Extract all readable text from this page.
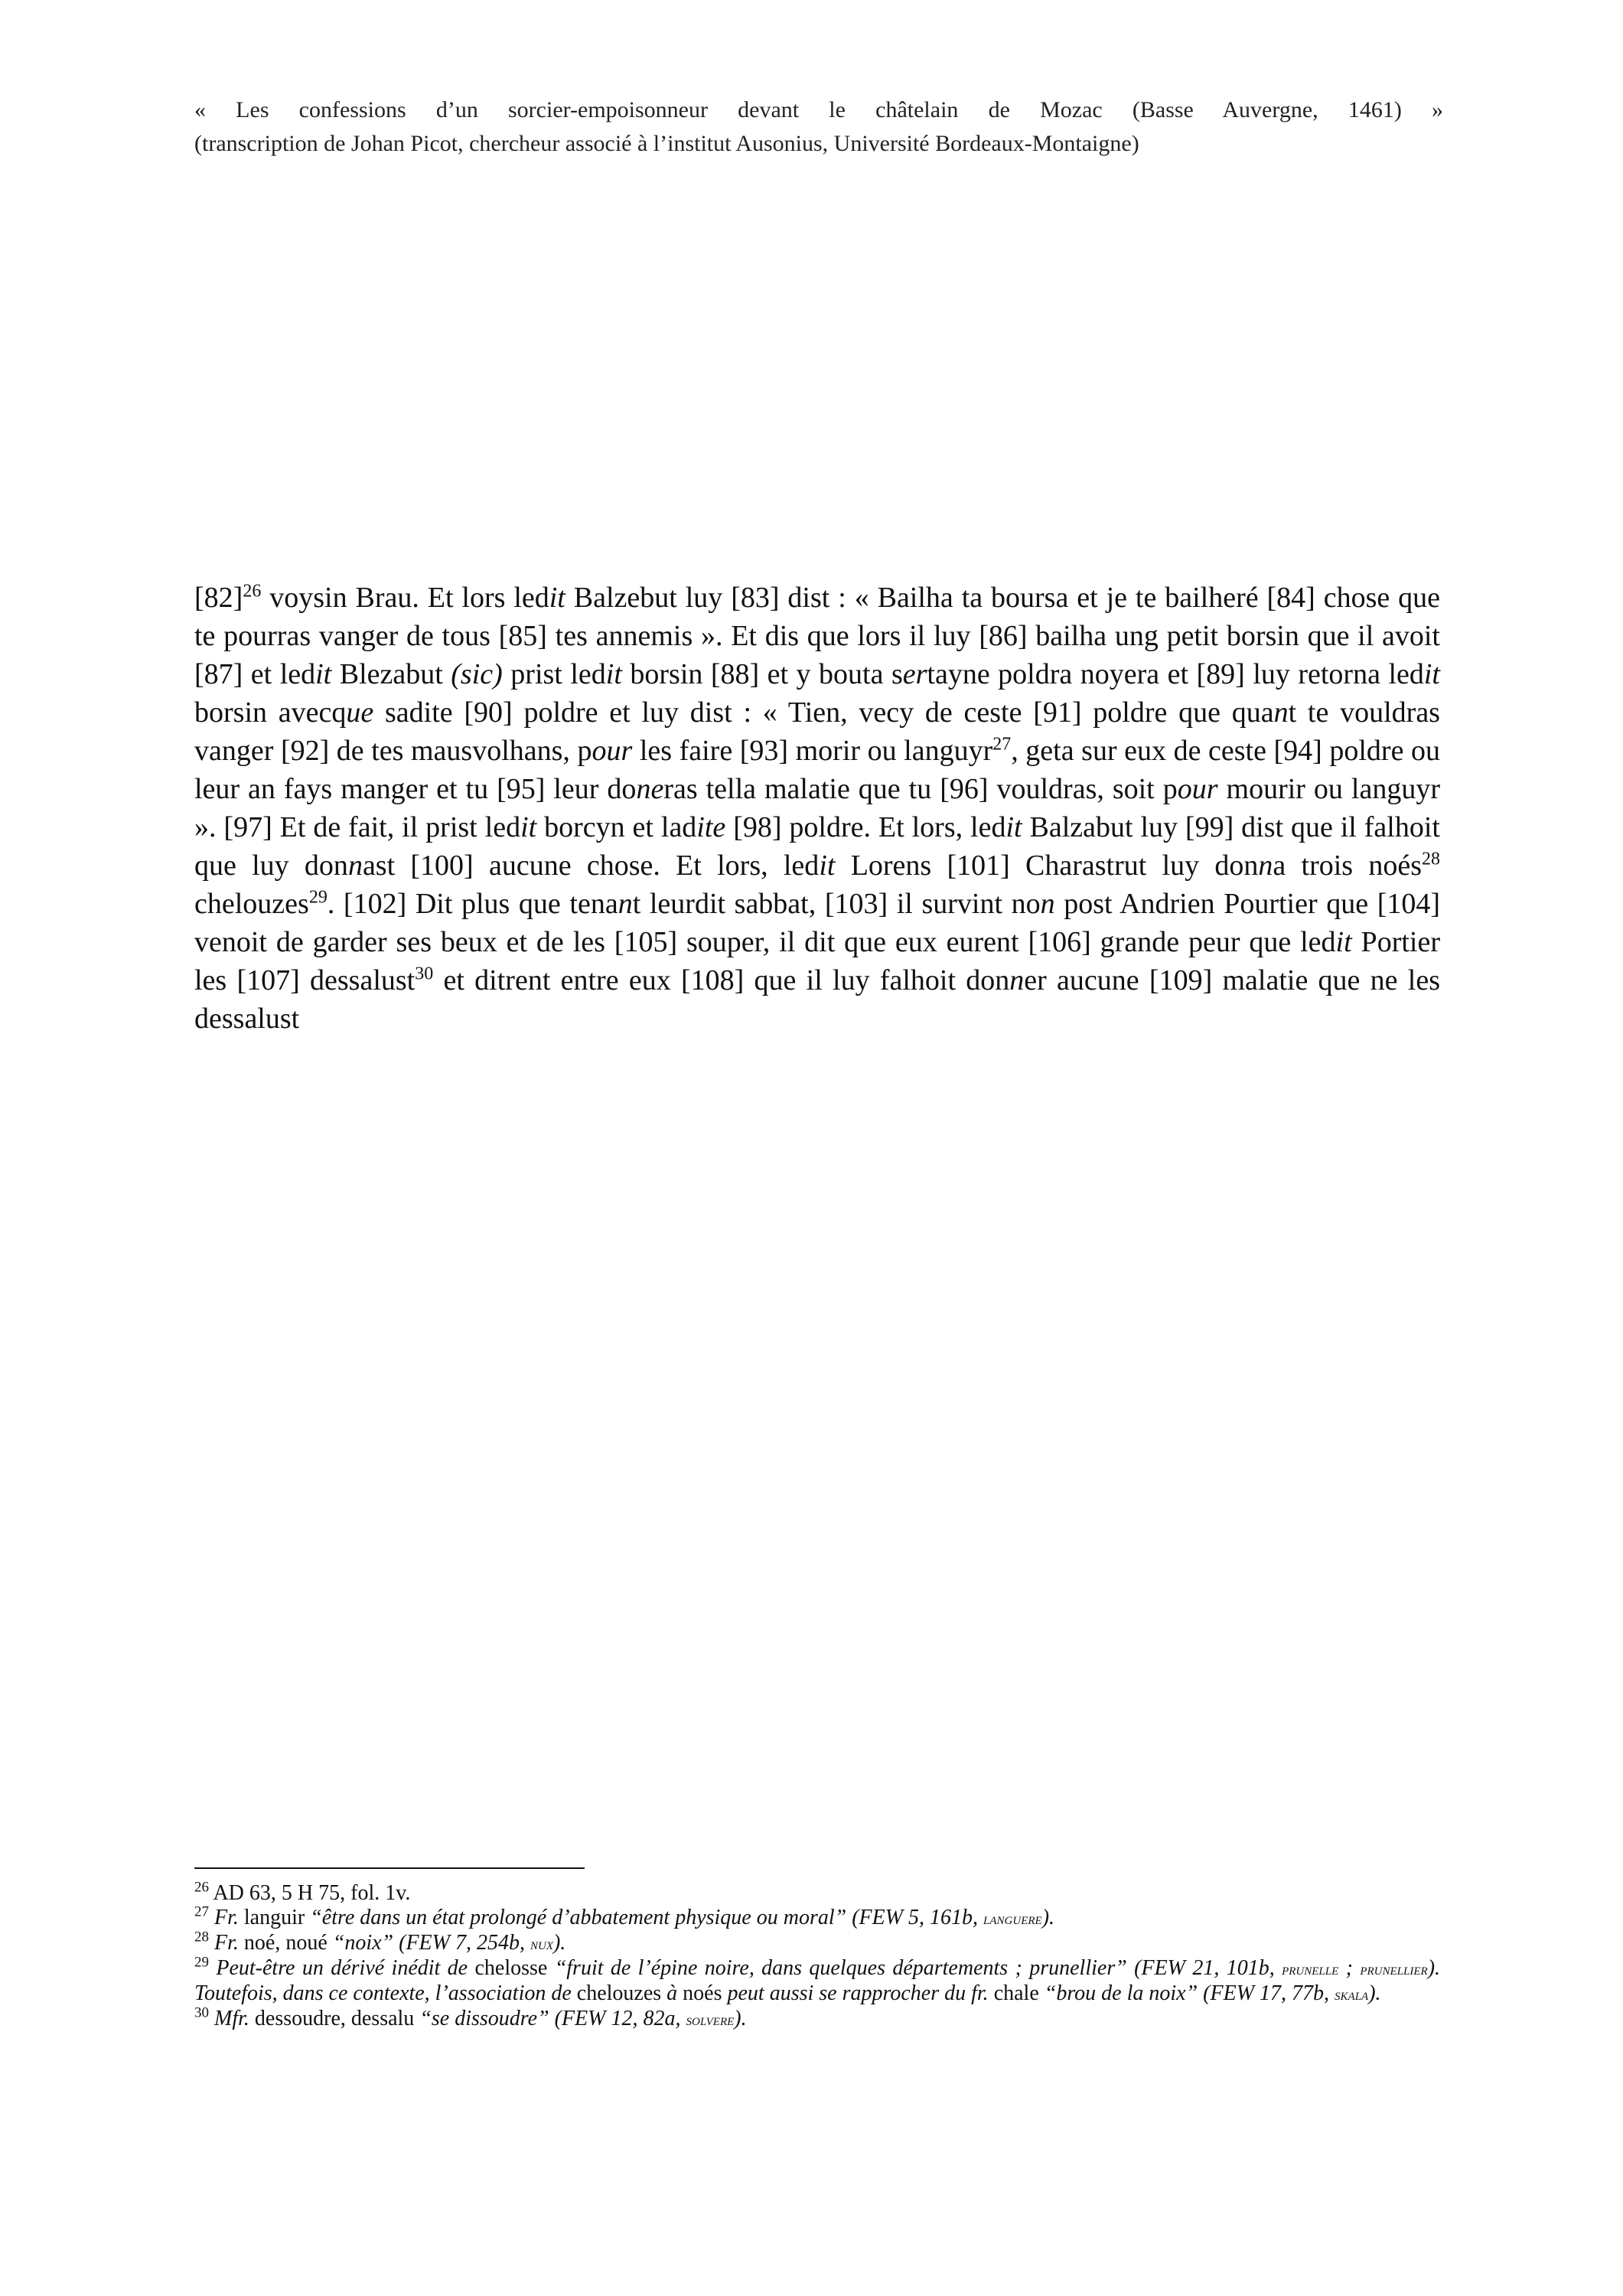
« Les confessions d’un sorcier-empoisonneur devant le châtelain de Mozac (Basse Auvergne, 1461) »
(transcription de Johan Picot, chercheur associé à l’institut Ausonius, Université Bordeaux-Montaigne)
$[82]^{26}$ voysin Brau. Et lors ledit Balzebut luy [83] dist : « Bailha ta boursa et je te bailheré [84] chose que te pourras vanger de tous [85] tes annemis ». Et dis que lors il luy [86] bailha ung petit borsin que il avoit [87] et ledit Blezabut (sic) prist ledit borsin [88] et y bouta sertayne poldra noyera et [89] luy retorna ledit borsin avecque sadite [90] poldre et luy dist : « Tien, vecy de ceste [91] poldre que quant te vouldras vanger [92] de tes mausvolhans, pour les faire [93] morir ou languyr$^{27}$, geta sur eux de ceste [94] poldre ou leur an fays manger et tu [95] leur doneras tella malatie que tu [96] vouldras, soit pour mourir ou languyr ». [97] Et de fait, il prist ledit borcyn et ladite [98] poldre. Et lors, ledit Balzabut luy [99] dist que il falhoit que luy donnast [100] aucune chose. Et lors, ledit Lorens [101] Charastrut luy donna trois noés$^{28}$ chelouzes$^{29}$. [102] Dit plus que tenant leurdit sabbat, [103] il survint non post Andrien Pourtier que [104] venoit de garder ses beux et de les [105] souper, il dit que eux eurent [106] grande peur que ledit Portier les [107] dessalust$^{30}$ et ditrent entre eux [108] que il luy falhoit donner aucune [109] malatie que ne les dessalust

$^{26}$ AD 63, 5 H 75, fol. 1v.

$^{27}$ Fr. languir “être dans un état prolongé d’abbatement physique ou moral” (FEW 5, 161b, languere).

$^{28}$ Fr. noé, noué “noix” (FEW 7, 254b, nux).

$^{29}$ Peut-être un dérivé inédit de chelosse “fruit de l’épine noire, dans quelques départements ; prunellier” (FEW 21, 101b, prunelle ; prunellier). Toutefois, dans ce contexte, l’association de chelouzes à noés peut aussi se rapprocher du fr. chale “brou de la noix” (FEW 17, 77b, skala).

$^{30}$ Mfr. dessoudre, dessalu “se dissoudre” (FEW 12, 82a, solvere).
